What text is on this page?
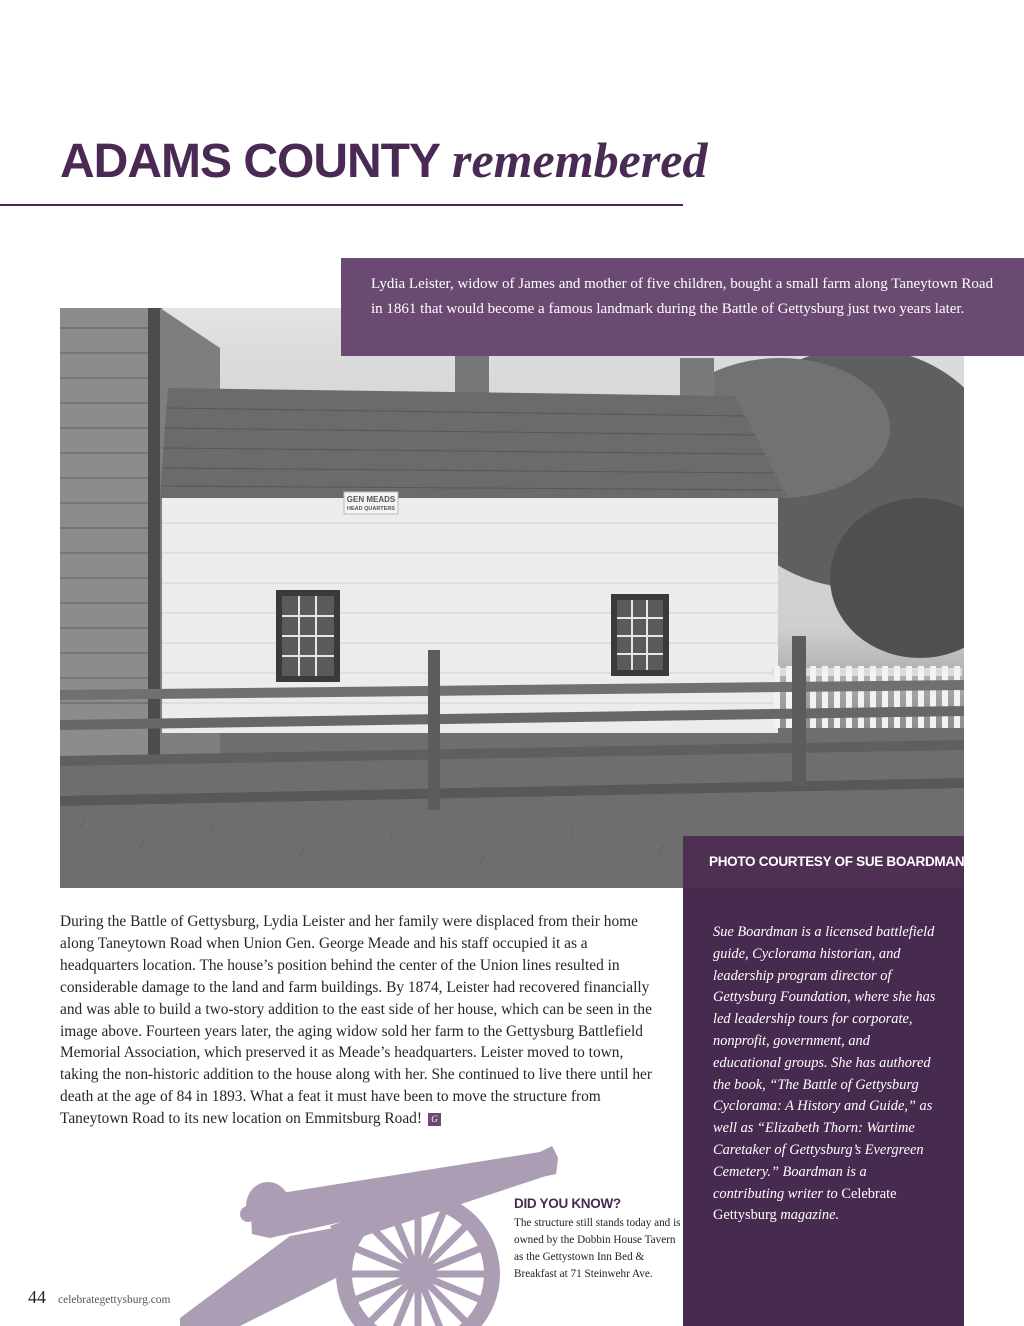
ADAMS COUNTY remembered
GEN MEADS
HEAD QUARTERS
Lydia Leister, widow of James and mother of five children, bought a small farm along Taneytown Road in 1861 that would become a famous landmark during the Battle of Gettysburg just two years later.
PHOTO COURTESY OF SUE BOARDMAN
Sue Boardman is a licensed battlefield guide, Cyclorama historian, and leadership program director of Gettysburg Foundation, where she has led leadership tours for corporate, nonprofit, government, and educational groups. She has authored the book, “The Battle of Gettysburg Cyclorama: A History and Guide,” as well as “Elizabeth Thorn: Wartime Caretaker of Gettysburg’s Evergreen Cemetery.” Boardman is a contributing writer to Celebrate Gettysburg magazine.
During the Battle of Gettysburg, Lydia Leister and her family were displaced from their home along Taneytown Road when Union Gen. George Meade and his staff occupied it as a headquarters location. The house’s position behind the center of the Union lines resulted in considerable damage to the land and farm buildings. By 1874, Leister had recovered financially and was able to build a two-story addition to the east side of her house, which can be seen in the image above. Fourteen years later, the aging widow sold her farm to the Gettysburg Battlefield Memorial Association, which preserved it as Meade’s headquarters. Leister moved to town, taking the non-historic addition to the house along with her. She continued to live there until her death at the age of 84 in 1893. What a feat it must have been to move the structure from Taneytown Road to its new location on Emmitsburg Road! G
DID YOU KNOW?
The structure still stands today and is owned by the Dobbin House Tavern as the Gettystown Inn Bed & Breakfast at 71 Steinwehr Ave.
44 celebrategettysburg.com
